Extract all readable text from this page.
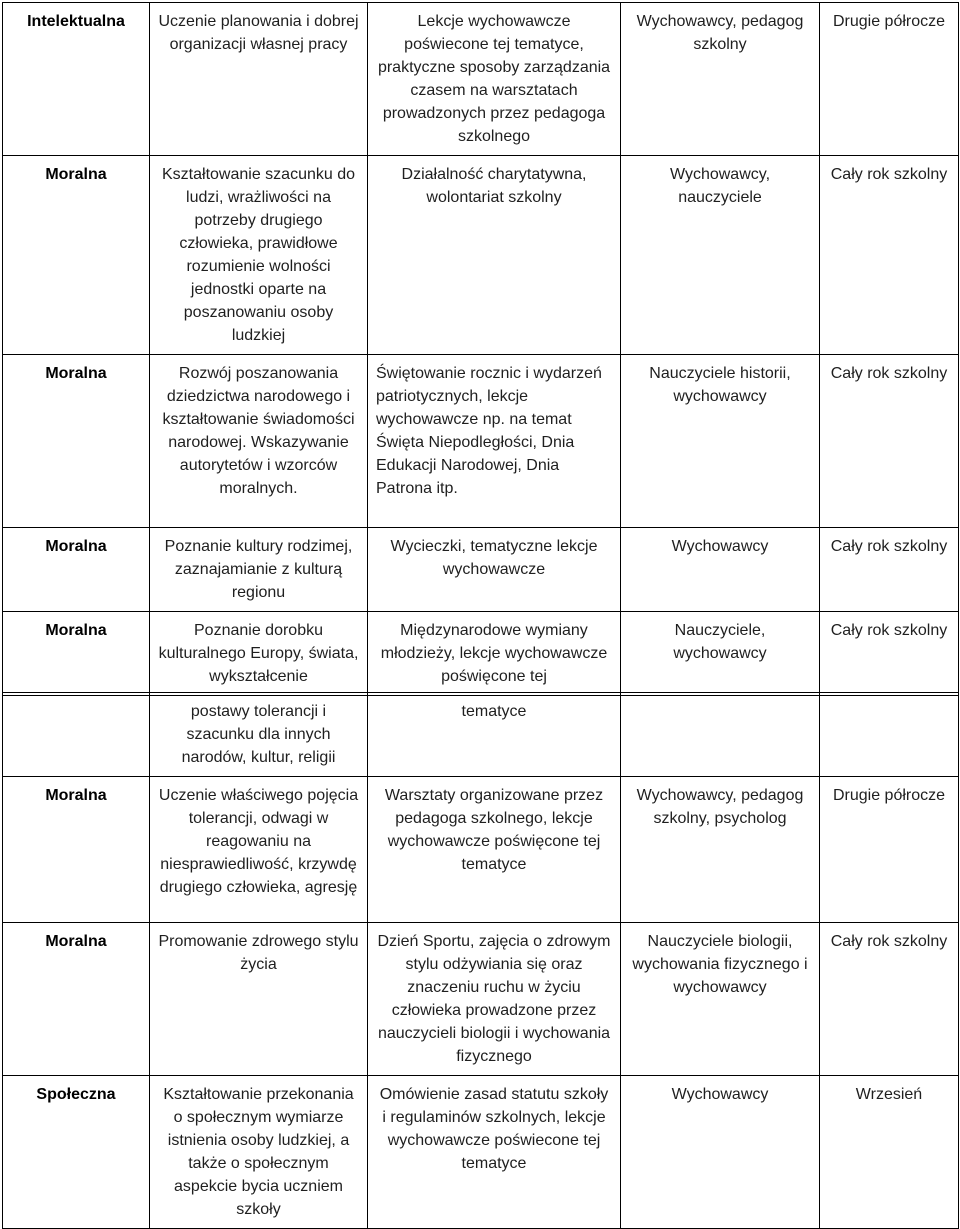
Intelektualna	Uczenie planowania i dobrej organizacji własnej pracy	Lekcje wychowawcze poświecone tej tematyce, praktyczne sposoby zarządzania czasem na warsztatach prowadzonych przez pedagoga szkolnego	Wychowawcy, pedagog szkolny	Drugie półrocze
Moralna	Kształtowanie szacunku do ludzi, wrażliwości na potrzeby drugiego człowieka, prawidłowe rozumienie wolności jednostki oparte na poszanowaniu osoby ludzkiej	Działalność charytatywna, wolontariat szkolny	Wychowawcy, nauczyciele	Cały rok szkolny
Moralna	Rozwój poszanowania dziedzictwa narodowego i kształtowanie świadomości narodowej. Wskazywanie autorytetów i wzorców moralnych.	Świętowanie rocznic i wydarzeń patriotycznych, lekcje wychowawcze np. na temat Święta Niepodległości, Dnia Edukacji Narodowej, Dnia Patrona itp.	Nauczyciele historii, wychowawcy	Cały rok szkolny
Moralna	Poznanie kultury rodzimej, zaznajamianie z kulturą regionu	Wycieczki, tematyczne lekcje wychowawcze	Wychowawcy	Cały rok szkolny
Moralna	Poznanie dorobku kulturalnego Europy, świata, wykształcenie	Międzynarodowe wymiany młodzieży, lekcje wychowawcze poświęcone tej	Nauczyciele, wychowawcy	Cały rok szkolny
	postawy tolerancji i szacunku dla innych narodów, kultur, religii	tematyce		
Moralna	Uczenie właściwego pojęcia tolerancji, odwagi w reagowaniu na niesprawiedliwość, krzywdę drugiego człowieka, agresję	Warsztaty organizowane przez pedagoga szkolnego, lekcje wychowawcze poświęcone tej tematyce	Wychowawcy, pedagog szkolny, psycholog	Drugie półrocze
Moralna	Promowanie zdrowego stylu życia	Dzień Sportu, zajęcia o zdrowym stylu odżywiania się oraz znaczeniu ruchu w życiu człowieka prowadzone przez nauczycieli biologii i wychowania fizycznego	Nauczyciele biologii, wychowania fizycznego i wychowawcy	Cały rok szkolny
Społeczna	Kształtowanie przekonania o społecznym wymiarze istnienia osoby ludzkiej, a także o społecznym aspekcie bycia uczniem szkoły	Omówienie zasad statutu szkoły i regulaminów szkolnych, lekcje wychowawcze poświecone tej tematyce	Wychowawcy	Wrzesień
